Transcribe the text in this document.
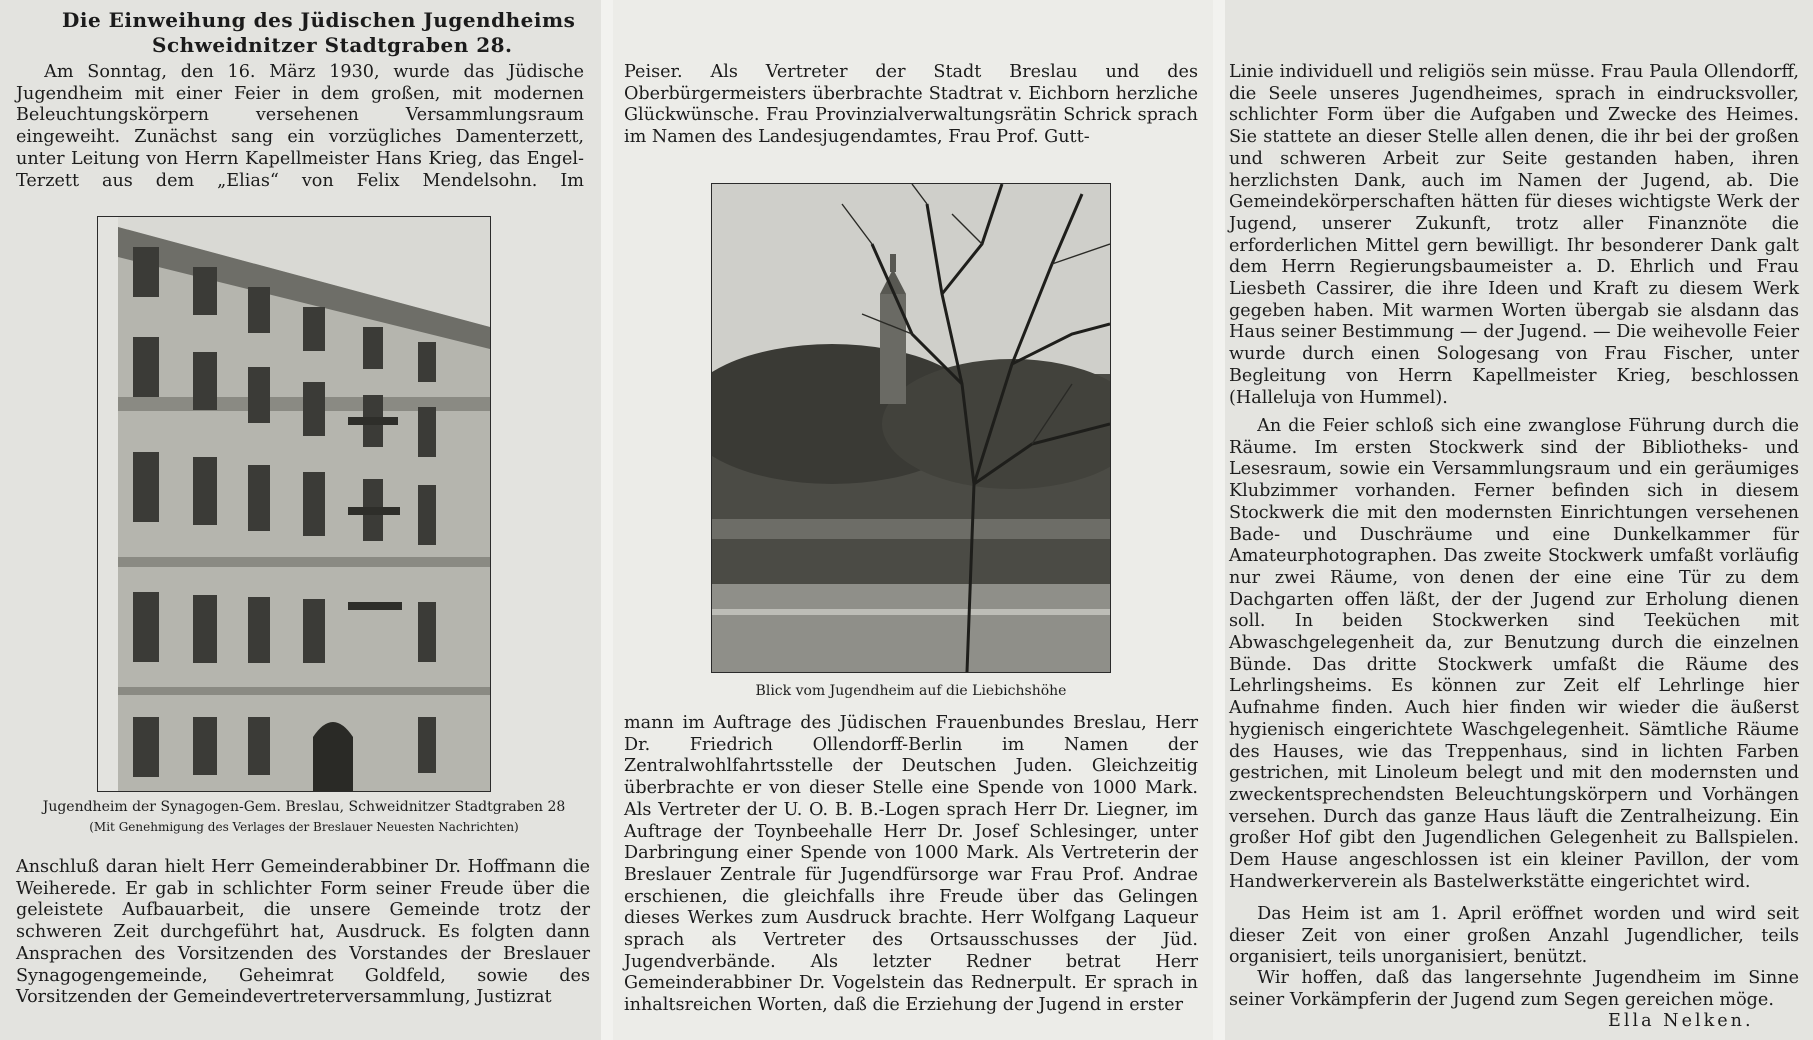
Die Einweihung des Jüdischen Jugendheims
Schweidnitzer Stadtgraben 28.

Am Sonntag, den 16. März 1930, wurde das Jüdische Jugendheim mit einer Feier in dem großen, mit modernen Beleuchtungskörpern versehenen Versammlungsraum eingeweiht. Zunächst sang ein vorzügliches Damenterzett, unter Leitung von Herrn Kapellmeister Hans Krieg, das Engel-Terzett aus dem „Elias“ von Felix Mendelsohn. Im

Jugendheim der Synagogen-Gem. Breslau, Schweidnitzer Stadtgraben 28
(Mit Genehmigung des Verlages der Breslauer Neuesten Nachrichten)

Anschluß daran hielt Herr Gemeinderabbiner Dr. Hoffmann die Weiherede. Er gab in schlichter Form seiner Freude über die geleistete Aufbauarbeit, die unsere Gemeinde trotz der schweren Zeit durchgeführt hat, Ausdruck. Es folgten dann Ansprachen des Vorsitzenden des Vorstandes der Breslauer Synagogengemeinde, Geheimrat Goldfeld, sowie des Vorsitzenden der Gemeindevertreterversammlung, Justizrat

Peiser. Als Vertreter der Stadt Breslau und des Oberbürgermeisters überbrachte Stadtrat v. Eichborn herzliche Glückwünsche. Frau Provinzialverwaltungsrätin Schrick sprach im Namen des Landesjugendamtes, Frau Prof. Gutt-

Blick vom Jugendheim auf die Liebichshöhe

mann im Auftrage des Jüdischen Frauenbundes Breslau, Herr Dr. Friedrich Ollendorff-Berlin im Namen der Zentralwohlfahrtsstelle der Deutschen Juden. Gleichzeitig überbrachte er von dieser Stelle eine Spende von 1000 Mark. Als Vertreter der U. O. B. B.-Logen sprach Herr Dr. Liegner, im Auftrage der Toynbeehalle Herr Dr. Josef Schlesinger, unter Darbringung einer Spende von 1000 Mark. Als Vertreterin der Breslauer Zentrale für Jugendfürsorge war Frau Prof. Andrae erschienen, die gleichfalls ihre Freude über das Gelingen dieses Werkes zum Ausdruck brachte. Herr Wolfgang Laqueur sprach als Vertreter des Ortsausschusses der Jüd. Jugendverbände. Als letzter Redner betrat Herr Gemeinderabbiner Dr. Vogelstein das Rednerpult. Er sprach in inhaltsreichen Worten, daß die Erziehung der Jugend in erster

Linie individuell und religiös sein müsse. Frau Paula Ollendorff, die Seele unseres Jugendheimes, sprach in eindrucksvoller, schlichter Form über die Aufgaben und Zwecke des Heimes. Sie stattete an dieser Stelle allen denen, die ihr bei der großen und schweren Arbeit zur Seite gestanden haben, ihren herzlichsten Dank, auch im Namen der Jugend, ab. Die Gemeindekörperschaften hätten für dieses wichtigste Werk der Jugend, unserer Zukunft, trotz aller Finanznöte die erforderlichen Mittel gern bewilligt. Ihr besonderer Dank galt dem Herrn Regierungsbaumeister a. D. Ehrlich und Frau Liesbeth Cassirer, die ihre Ideen und Kraft zu diesem Werk gegeben haben. Mit warmen Worten übergab sie alsdann das Haus seiner Bestimmung — der Jugend. — Die weihevolle Feier wurde durch einen Sologesang von Frau Fischer, unter Begleitung von Herrn Kapellmeister Krieg, beschlossen (Halleluja von Hummel).

An die Feier schloß sich eine zwanglose Führung durch die Räume. Im ersten Stockwerk sind der Bibliotheks- und Lesesraum, sowie ein Versammlungsraum und ein geräumiges Klubzimmer vorhanden. Ferner befinden sich in diesem Stockwerk die mit den modernsten Einrichtungen versehenen Bade- und Duschräume und eine Dunkelkammer für Amateurphotographen. Das zweite Stockwerk umfaßt vorläufig nur zwei Räume, von denen der eine eine Tür zu dem Dachgarten offen läßt, der der Jugend zur Erholung dienen soll. In beiden Stockwerken sind Teeküchen mit Abwaschgelegenheit da, zur Benutzung durch die einzelnen Bünde. Das dritte Stockwerk umfaßt die Räume des Lehrlingsheims. Es können zur Zeit elf Lehrlinge hier Aufnahme finden. Auch hier finden wir wieder die äußerst hygienisch eingerichtete Waschgelegenheit. Sämtliche Räume des Hauses, wie das Treppenhaus, sind in lichten Farben gestrichen, mit Linoleum belegt und mit den modernsten und zweckentsprechendsten Beleuchtungskörpern und Vorhängen versehen. Durch das ganze Haus läuft die Zentralheizung. Ein großer Hof gibt den Jugendlichen Gelegenheit zu Ballspielen. Dem Hause angeschlossen ist ein kleiner Pavillon, der vom Handwerkerverein als Bastelwerkstätte eingerichtet wird.

Das Heim ist am 1. April eröffnet worden und wird seit dieser Zeit von einer großen Anzahl Jugendlicher, teils organisiert, teils unorganisiert, benützt.

Wir hoffen, daß das langersehnte Jugendheim im Sinne seiner Vorkämpferin der Jugend zum Segen gereichen möge.

Ella Nelken.
